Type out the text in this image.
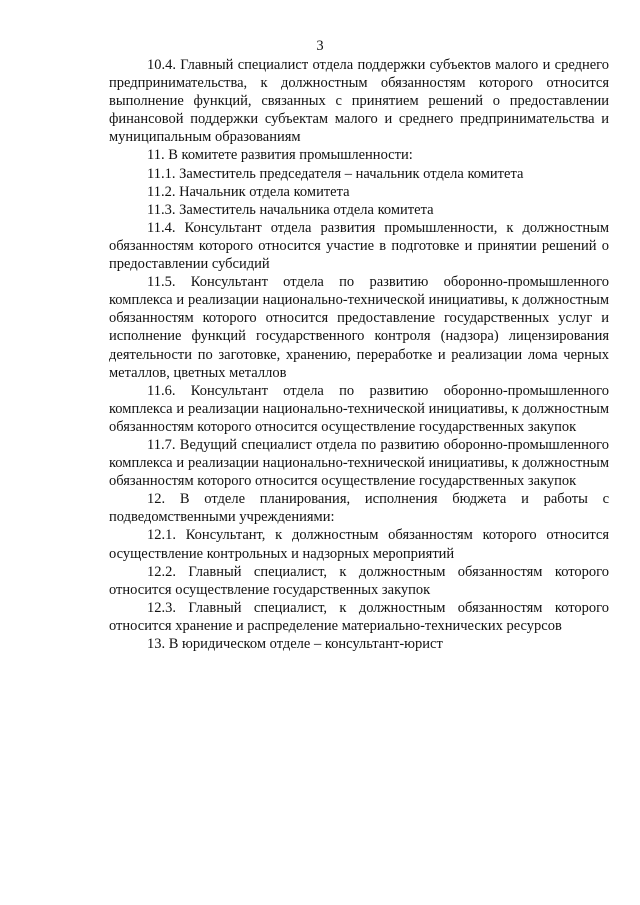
3

10.4. Главный специалист отдела поддержки субъектов малого и среднего предпринимательства, к должностным обязанностям которого относится выполнение функций, связанных с принятием решений о предоставлении финансовой поддержки субъектам малого и среднего предпринимательства и муниципальным образованиям

11. В комитете развития промышленности:

11.1. Заместитель председателя – начальник отдела комитета

11.2. Начальник отдела комитета

11.3. Заместитель начальника отдела комитета

11.4. Консультант отдела развития промышленности, к должностным обязанностям которого относится участие в подготовке и принятии решений о предоставлении субсидий

11.5. Консультант отдела по развитию оборонно-промышленного комплекса и реализации национально-технической инициативы, к должностным обязанностям которого относится предоставление государственных услуг и исполнение функций государственного контроля (надзора) лицензирования деятельности по заготовке, хранению, переработке и реализации лома черных металлов, цветных металлов

11.6. Консультант отдела по развитию оборонно-промышленного комплекса и реализации национально-технической инициативы, к должностным обязанностям которого относится осуществление государственных закупок

11.7. Ведущий специалист отдела по развитию оборонно-промышленного комплекса и реализации национально-технической инициативы, к должностным обязанностям которого относится осуществление государственных закупок

12. В отделе планирования, исполнения бюджета и работы с подведомственными учреждениями:

12.1. Консультант, к должностным обязанностям которого относится осуществление контрольных и надзорных мероприятий

12.2. Главный специалист, к должностным обязанностям которого относится осуществление государственных закупок

12.3. Главный специалист, к должностным обязанностям которого относится хранение и распределение материально-технических ресурсов

13. В юридическом отделе – консультант-юрист
